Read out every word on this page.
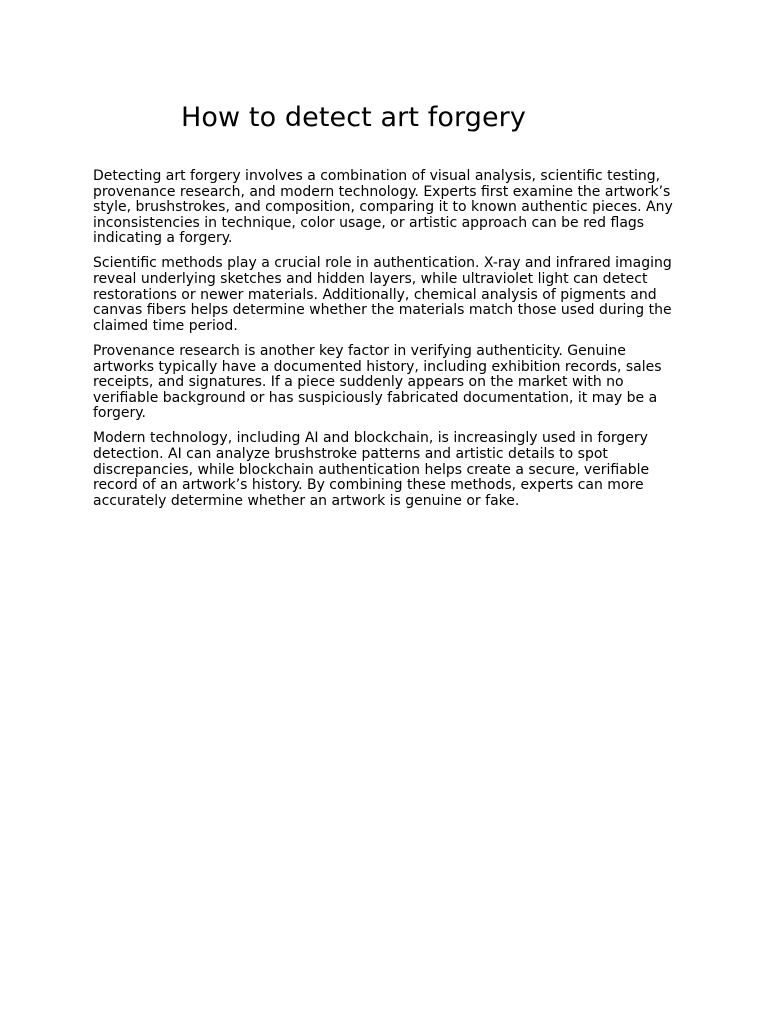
How to detect art forgery

Detecting art forgery involves a combination of visual analysis, scientific testing, provenance research, and modern technology. Experts first examine the artwork’s style, brushstrokes, and composition, comparing it to known authentic pieces. Any inconsistencies in technique, color usage, or artistic approach can be red flags indicating a forgery.

Scientific methods play a crucial role in authentication. X-ray and infrared imaging reveal underlying sketches and hidden layers, while ultraviolet light can detect restorations or newer materials. Additionally, chemical analysis of pigments and canvas fibers helps determine whether the materials match those used during the claimed time period.

Provenance research is another key factor in verifying authenticity. Genuine artworks typically have a documented history, including exhibition records, sales receipts, and signatures. If a piece suddenly appears on the market with no verifiable background or has suspiciously fabricated documentation, it may be a forgery.

Modern technology, including AI and blockchain, is increasingly used in forgery detection. AI can analyze brushstroke patterns and artistic details to spot discrepancies, while blockchain authentication helps create a secure, verifiable record of an artwork’s history. By combining these methods, experts can more accurately determine whether an artwork is genuine or fake.
